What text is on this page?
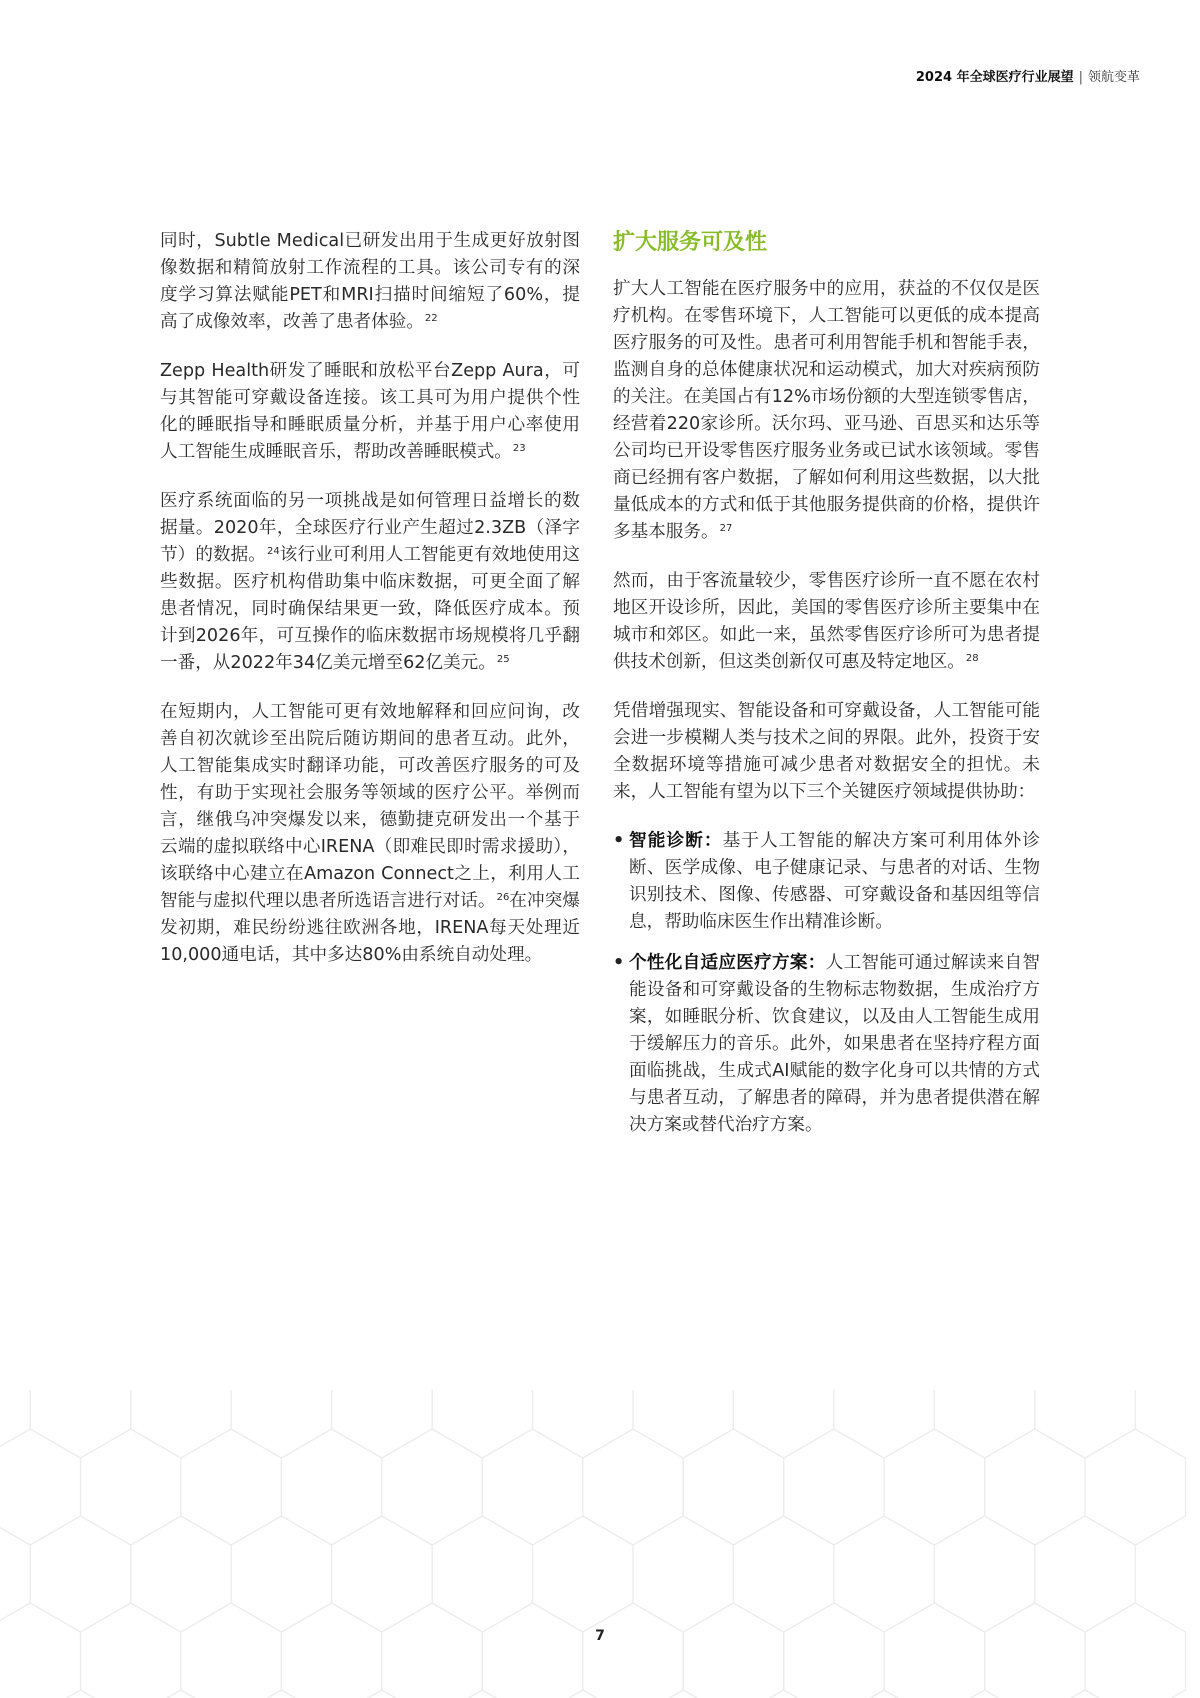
2024 年全球医疗行业展望 | 领航变革

同时，Subtle Medical已研发出用于生成更好放射图像数据和精简放射工作流程的工具。该公司专有的深度学习算法赋能PET和MRI扫描时间缩短了60%，提高了成像效率，改善了患者体验。$^{22}$

Zepp Health研发了睡眠和放松平台Zepp Aura，可与其智能可穿戴设备连接。该工具可为用户提供个性化的睡眠指导和睡眠质量分析，并基于用户心率使用人工智能生成睡眠音乐，帮助改善睡眠模式。$^{23}$

医疗系统面临的另一项挑战是如何管理日益增长的数据量。2020年，全球医疗行业产生超过2.3ZB（泽字节）的数据。$^{24}$该行业可利用人工智能更有效地使用这些数据。医疗机构借助集中临床数据，可更全面了解患者情况，同时确保结果更一致，降低医疗成本。预计到2026年，可互操作的临床数据市场规模将几乎翻一番，从2022年34亿美元增至62亿美元。$^{25}$

在短期内，人工智能可更有效地解释和回应问询，改善自初次就诊至出院后随访期间的患者互动。此外，人工智能集成实时翻译功能，可改善医疗服务的可及性，有助于实现社会服务等领域的医疗公平。举例而言，继俄乌冲突爆发以来，德勤捷克研发出一个基于云端的虚拟联络中心IRENA（即难民即时需求援助），该联络中心建立在Amazon Connect之上，利用人工智能与虚拟代理以患者所选语言进行对话。$^{26}$在冲突爆发初期，难民纷纷逃往欧洲各地，IRENA每天处理近10,000通电话，其中多达80%由系统自动处理。

扩大服务可及性

扩大人工智能在医疗服务中的应用，获益的不仅仅是医疗机构。在零售环境下，人工智能可以更低的成本提高医疗服务的可及性。患者可利用智能手机和智能手表，监测自身的总体健康状况和运动模式，加大对疾病预防的关注。在美国占有12%市场份额的大型连锁零售店，经营着220家诊所。沃尔玛、亚马逊、百思买和达乐等公司均已开设零售医疗服务业务或已试水该领域。零售商已经拥有客户数据，了解如何利用这些数据，以大批量低成本的方式和低于其他服务提供商的价格，提供许多基本服务。$^{27}$

然而，由于客流量较少，零售医疗诊所一直不愿在农村地区开设诊所，因此，美国的零售医疗诊所主要集中在城市和郊区。如此一来，虽然零售医疗诊所可为患者提供技术创新，但这类创新仅可惠及特定地区。$^{28}$

凭借增强现实、智能设备和可穿戴设备，人工智能可能会进一步模糊人类与技术之间的界限。此外，投资于安全数据环境等措施可减少患者对数据安全的担忧。未来，人工智能有望为以下三个关键医疗领域提供协助：

• 智能诊断：基于人工智能的解决方案可利用体外诊断、医学成像、电子健康记录、与患者的对话、生物识别技术、图像、传感器、可穿戴设备和基因组等信息，帮助临床医生作出精准诊断。
• 个性化自适应医疗方案：人工智能可通过解读来自智能设备和可穿戴设备的生物标志物数据，生成治疗方案，如睡眠分析、饮食建议，以及由人工智能生成用于缓解压力的音乐。此外，如果患者在坚持疗程方面面临挑战，生成式AI赋能的数字化身可以共情的方式与患者互动，了解患者的障碍，并为患者提供潜在解决方案或替代治疗方案。
7
